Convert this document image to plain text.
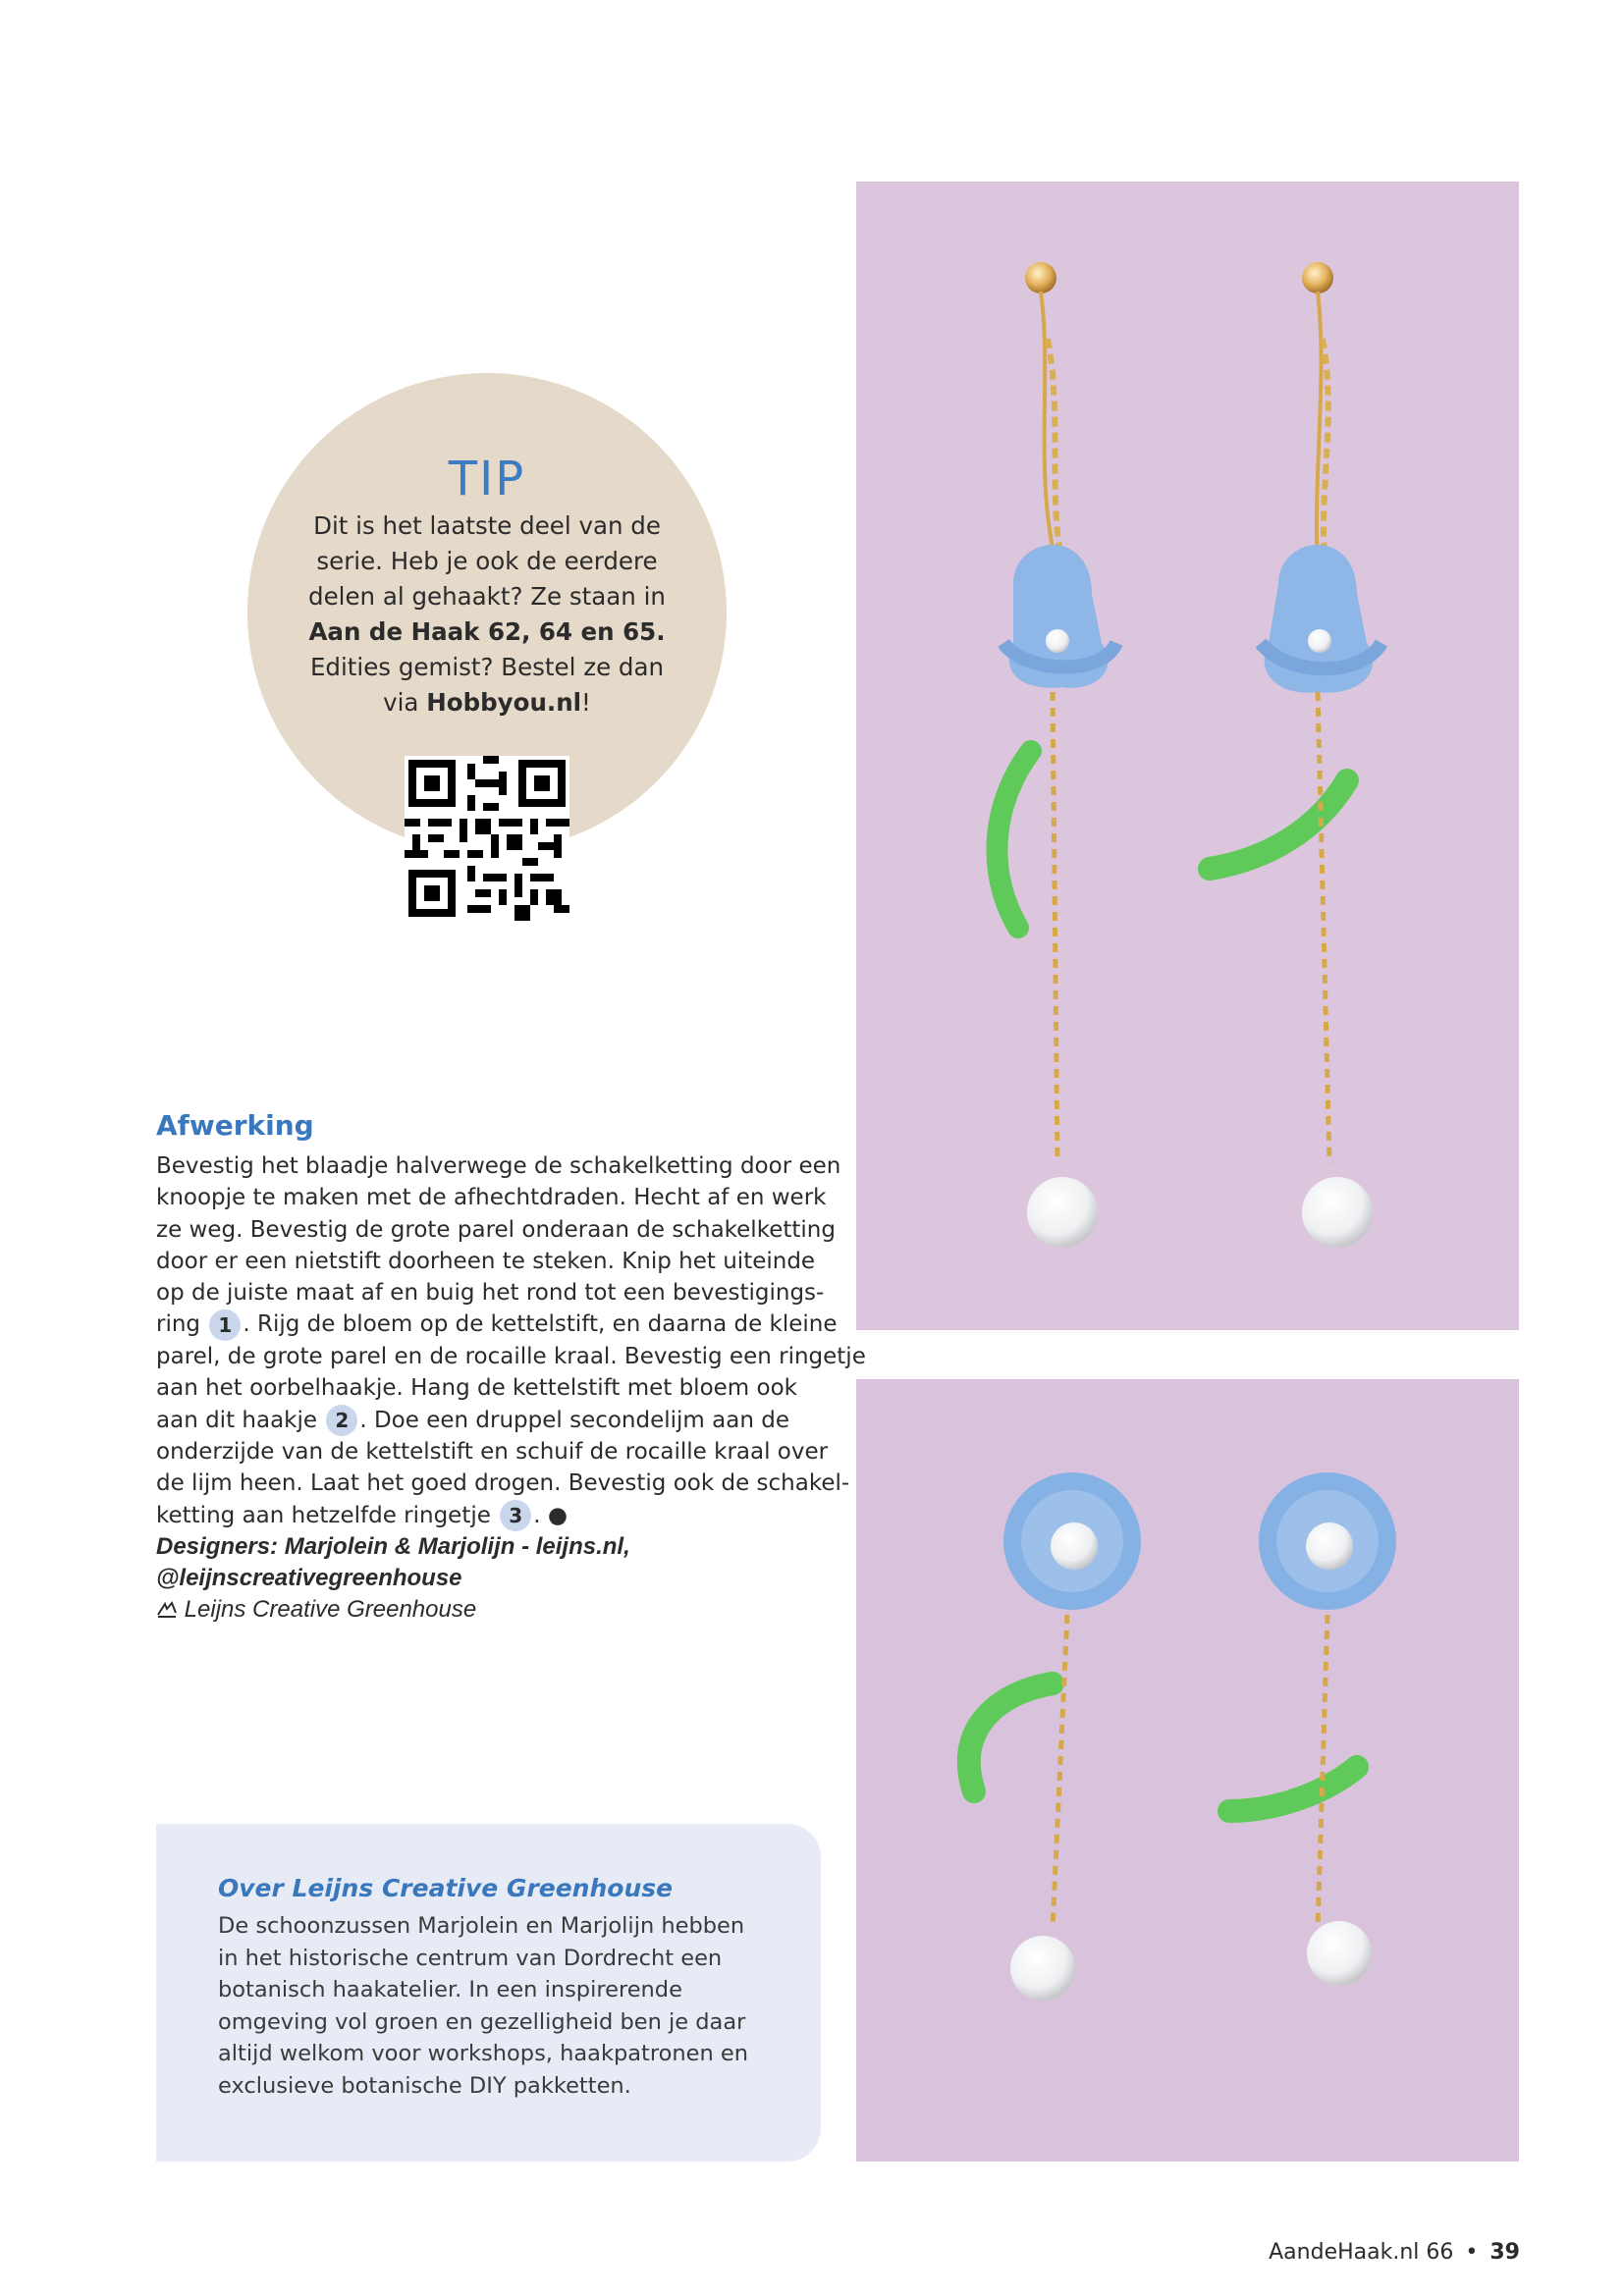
TIP
Dit is het laatste deel van de
serie. Heb je ook de eerdere
delen al gehaakt? Ze staan in
Aan de Haak 62, 64 en 65.
Edities gemist? Bestel ze dan
via Hobbyou.nl!
Afwerking
Bevestig het blaadje halverwege de schakelketting door een
knoopje te maken met de afhechtdraden. Hecht af en werk
ze weg. Bevestig de grote parel onderaan de schakelketting
door er een nietstift doorheen te steken. Knip het uiteinde
op de juiste maat af en buig het rond tot een bevestigings-
ring 1 . Rijg de bloem op de kettelstift, en daarna de kleine
parel, de grote parel en de rocaille kraal. Bevestig een ringetje
aan het oorbelhaakje. Hang de kettelstift met bloem ook
aan dit haakje 2 . Doe een druppel secondelijm aan de
onderzijde van de kettelstift en schuif de rocaille kraal over
de lijm heen. Laat het goed drogen. Bevestig ook de schakel-
ketting aan hetzelfde ringetje 3 . ●
Designers: Marjolein & Marjolijn - leijns.nl,
@leijnscreativegreenhouse
Leijns Creative Greenhouse
Over Leijns Creative Greenhouse
De schoonzussen Marjolein en Marjolijn hebben
in het historische centrum van Dordrecht een
botanisch haakatelier. In een inspirerende
omgeving vol groen en gezelligheid ben je daar
altijd welkom voor workshops, haakpatronen en
exclusieve botanische DIY pakketten.
AandeHaak.nl 66 • 39
